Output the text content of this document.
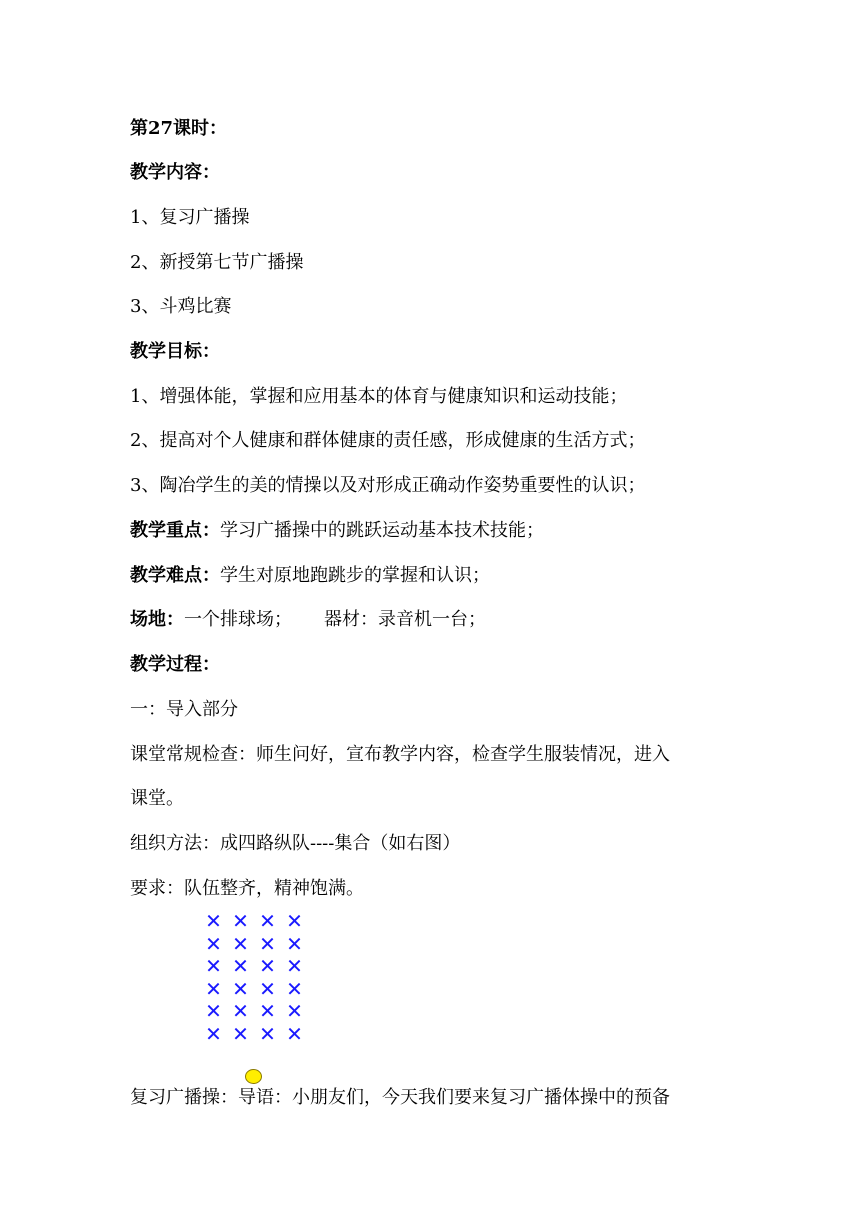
第27课时：
教学内容：
1、复习广播操
2、新授第七节广播操
3、斗鸡比赛
教学目标：
1、增强体能，掌握和应用基本的体育与健康知识和运动技能；
2、提高对个人健康和群体健康的责任感，形成健康的生活方式；
3、陶冶学生的美的情操以及对形成正确动作姿势重要性的认识；
教学重点：学习广播操中的跳跃运动基本技术技能；
教学难点：学生对原地跑跳步的掌握和认识；
场地：一个排球场； 器材：录音机一台；
教学过程：
一：导入部分
课堂常规检查：师生问好，宣布教学内容，检查学生服装情况，进入
课堂。
组织方法：成四路纵队----集合（如右图）
要求：队伍整齐，精神饱满。
✕ ✕ ✕ ✕
✕ ✕ ✕ ✕
✕ ✕ ✕ ✕
✕ ✕ ✕ ✕
✕ ✕ ✕ ✕
✕ ✕ ✕ ✕
复习广播操：导语：小朋友们，今天我们要来复习广播体操中的预备
